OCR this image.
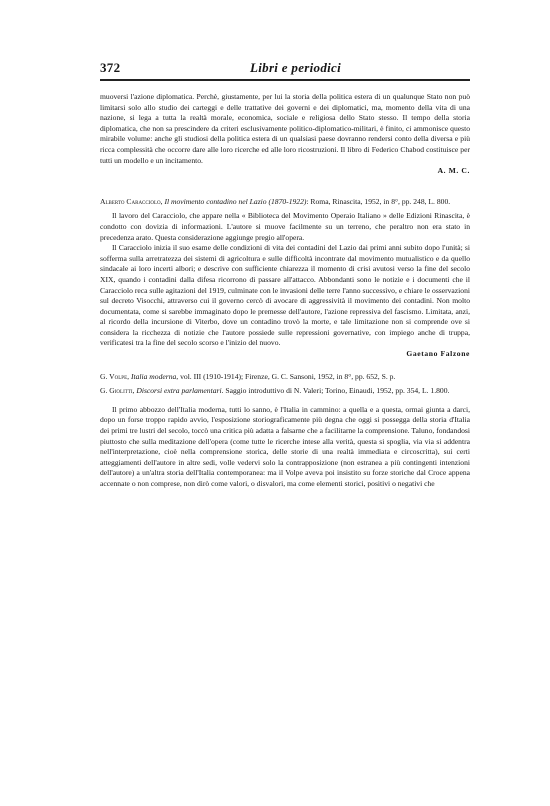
372	Libri e periodici

muoversi l'azione diplomatica. Perchè, giustamente, per lui la storia della politica estera di un qualunque Stato non può limitarsi solo allo studio dei carteggi e delle trattative dei governi e dei diplomatici, ma, momento della vita di una nazione, si lega a tutta la realtà morale, economica, sociale e religiosa dello Stato stesso. Il tempo della storia diplomatica, che non sa prescindere da criteri esclusivamente politico-diplomatico-militari, è finito, ci ammonisce questo mirabile volume: anche gli studiosi della politica estera di un qualsiasi paese dovranno rendersi conto della diversa e più ricca complessità che occorre dare alle loro ricerche ed alle loro ricostruzioni. Il libro di Federico Chabod costituisce per tutti un modello e un incitamento.

A. M. C.

Alberto Caracciolo, Il movimento contadino nel Lazio (1870-1922): Roma, Rinascita, 1952, in 8°, pp. 248, L. 800.

Il lavoro del Caracciolo, che appare nella « Biblioteca del Movimento Operaio Italiano » delle Edizioni Rinascita, è condotto con dovizia di informazioni. L'autore si muove facilmente su un terreno, che peraltro non era stato in precedenza arato. Questa considerazione aggiunge pregio all'opera.

Il Caracciolo inizia il suo esame delle condizioni di vita dei contadini del Lazio dai primi anni subito dopo l'unità; si sofferma sulla arretratezza dei sistemi di agricoltura e sulle difficoltà incontrate dal movimento mutualistico e da quello sindacale ai loro incerti albori; e descrive con sufficiente chiarezza il momento di crisi avutosi verso la fine del secolo XIX, quando i contadini dalla difesa ricorrono di passare all'attacco. Abbondanti sono le notizie e i documenti che il Caracciolo reca sulle agitazioni del 1919, culminate con le invasioni delle terre l'anno successivo, e chiare le osservazioni sul decreto Visocchi, attraverso cui il governo cercò di avocare di aggressività il movimento dei contadini. Non molto documentata, come si sarebbe immaginato dopo le premesse dell'autore, l'azione repressiva del fascismo. Limitata, anzi, al ricordo della incursione di Viterbo, dove un contadino trovò la morte, e tale limitazione non si comprende ove si considera la ricchezza di notizie che l'autore possiede sulle repressioni governative, con impiego anche di truppa, verificatesi tra la fine del secolo scorso e l'inizio del nuovo.

Gaetano Falzone

G. Volpe, Italia moderna, vol. III (1910-1914); Firenze, G. C. Sansoni, 1952, in 8°, pp. 652, S. p.

G. Giolitti, Discorsi extra parlamentari. Saggio introduttivo di N. Valeri; Torino, Einaudi, 1952, pp. 354, L. 1.800.

Il primo abbozzo dell'Italia moderna, tutti lo sanno, è l'Italia in cammino: a quella e a questa, ormai giunta a darci, dopo un forse troppo rapido avvio, l'esposizione storiograficamente più degna che oggi si possegga della storia d'Italia dei primi tre lustri del secolo, toccò una critica più adatta a falsarne che a facilitarne la comprensione. Taluno, fondandosi piuttosto che sulla meditazione dell'opera (come tutte le ricerche intese alla verità, questa si spoglia, via via si addentra nell'interpretazione, cioè nella comprensione storica, delle storie di una realtà immediata e circoscritta), sui certi atteggiamenti dell'autore in altre sedi, volle vedervi solo la contrapposizione (non estranea a più contingenti intenzioni dell'autore) a un'altra storia dell'Italia contemporanea: ma il Volpe aveva poi insistito su forze storiche dal Croce appena accennate o non comprese, non dirò come valori, o disvalori, ma come elementi storici, positivi o negativi che
